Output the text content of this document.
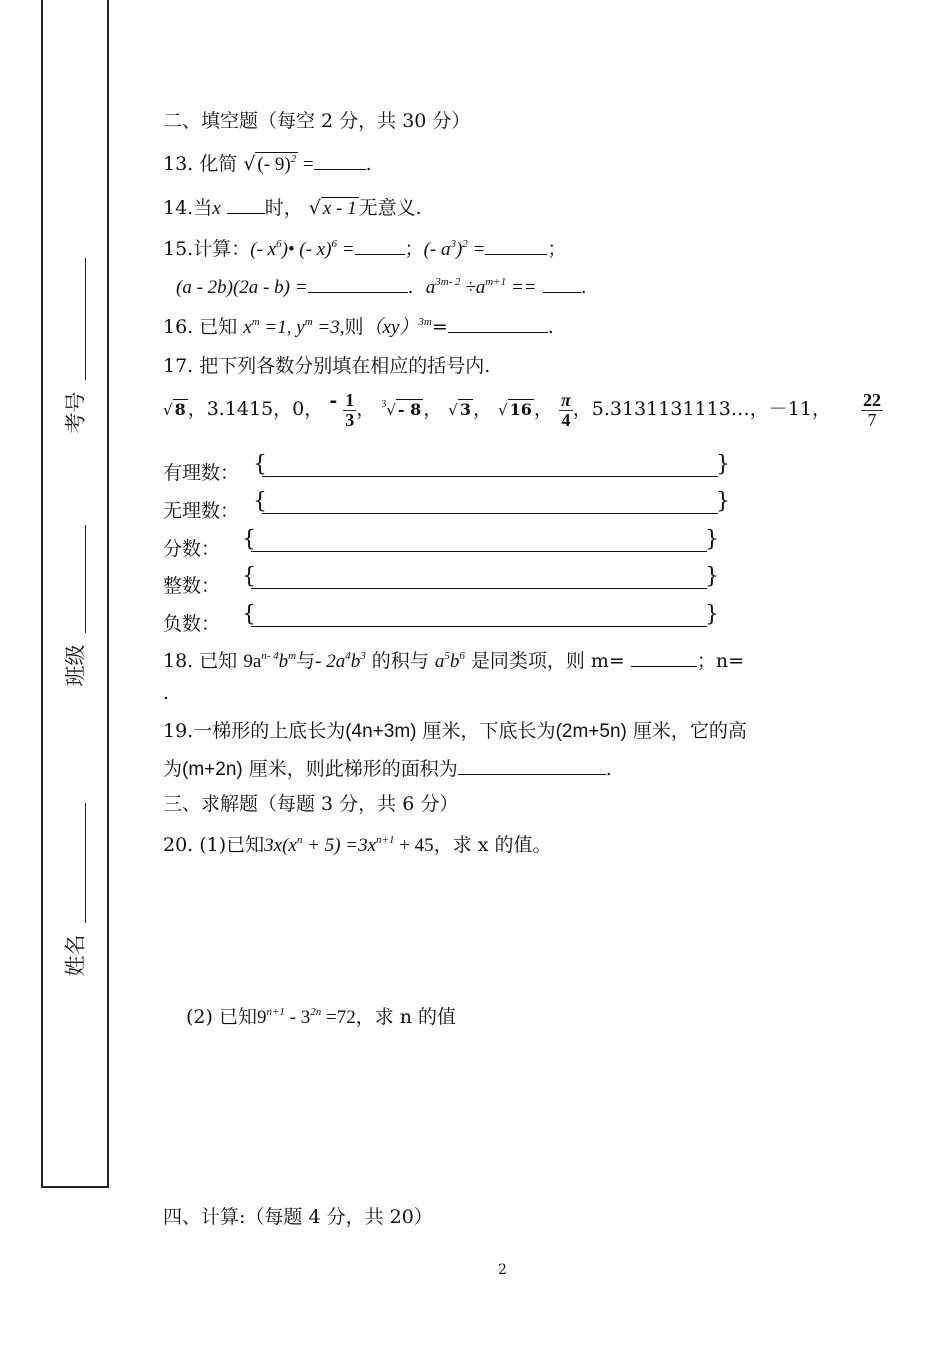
考号
班级
姓名
二、填空题（每空 2 分，共 30 分）
13. 化简 √ (- 9)$^2$ =	.
14.当x 时， √ x - 1 无意义.
15.计算：(- $x^6)•$ (- x)$^6$ =	；(- $a^3)^2$ =	；
(a - 2b)(2a - b) =	. $a^{3m- 2} \div a^{m+1}$ == .
16. 已知 $x^m =1$, $y^m =3$,则（xy）$^{3m}$=	.
17. 把下列各数分别填在相应的括号内.
√ 8 ，3.1415，0， - $\frac{1}{3}$ ， $^3$√ - 8 ， √ 3 ， √ 16 ， $\frac{\pi}{4}$ ，5.3131131113…，－11， $\frac{22}{7}$
有理数： {	}
无理数： {	}
分数： {	}
整数： {	}
负数： {	}
18. 已知 $9a^{n- 4}b^m$与- $2a^4b^3$ 的积与 $a^5b^6$ 是同类项，则 m=	；n=
.
19.一梯形的上底长为(4n+3m) 厘米，下底长为(2m+5n) 厘米，它的高
为(m+2n) 厘米，则此梯形的面积为	.
三、求解题（每题 3 分，共 6 分）
20. (1)已知$3x(x^n + 5) =3x^{n+1} + 45$，求 x 的值。
(2) 已知$9^{n+1} - 3^{2n} =72$，求 n 的值
四、计算:（每题 4 分，共 20）
2
